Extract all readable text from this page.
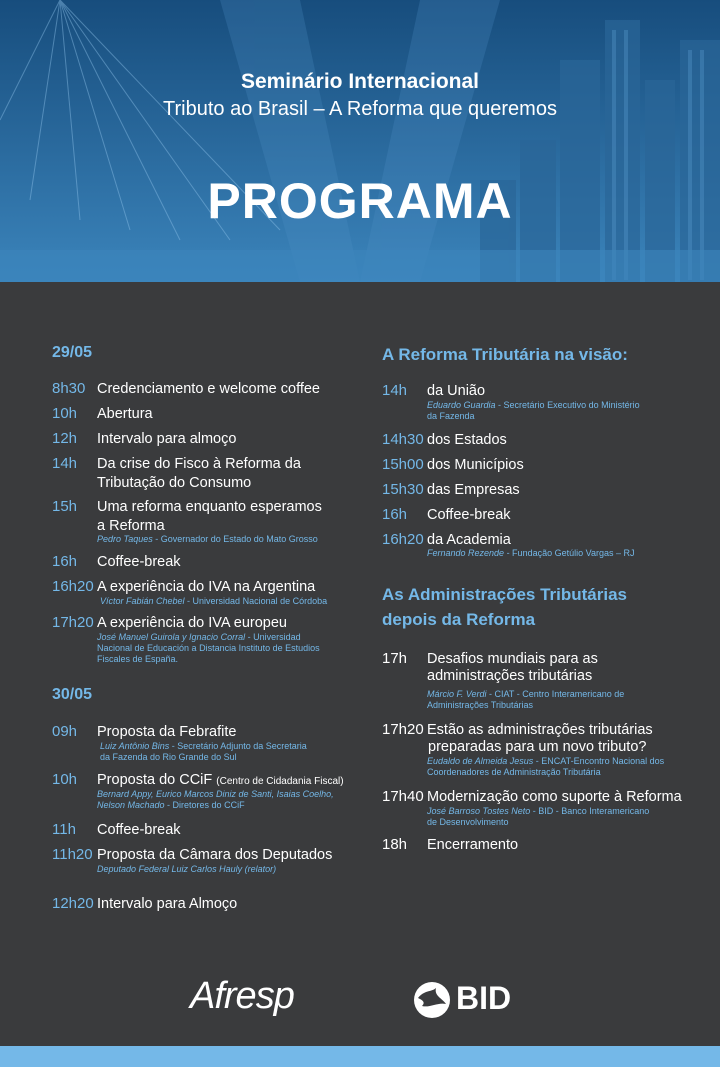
Seminário Internacional
Tributo ao Brasil – A Reforma que queremos
PROGRAMA
29/05
8h30 Credenciamento e welcome coffee
10h Abertura
12h Intervalo para almoço
14h Da crise do Fisco à Reforma da
Tributação do Consumo
15h Uma reforma enquanto esperamos
a Reforma
Pedro Taques - Governador do Estado do Mato Grosso
16h Coffee-break
16h20 A experiência do IVA na Argentina
Víctor Fabián Chebel - Universidad Nacional de Córdoba
17h20 A experiência do IVA europeu
José Manuel Guirola y Ignacio Corral - Universidad
Nacional de Educación a Distancia Instituto de Estudios
Fiscales de España.
30/05
09h Proposta da Febrafite
Luiz Antônio Bins - Secretário Adjunto da Secretaria
da Fazenda do Rio Grande do Sul
10h Proposta do CCiF (Centro de Cidadania Fiscal)
Bernard Appy, Eurico Marcos Diniz de Santi, Isaias Coelho,
Nelson Machado - Diretores do CCiF
11h Coffee-break
11h20 Proposta da Câmara dos Deputados
Deputado Federal Luiz Carlos Hauly (relator)
12h20 Intervalo para Almoço
A Reforma Tributária na visão:
14h da União
Eduardo Guardia - Secretário Executivo do Ministério
da Fazenda
14h30 dos Estados
15h00 dos Municípios
15h30 das Empresas
16h Coffee-break
16h20 da Academia
Fernando Rezende - Fundação Getúlio Vargas – RJ
As Administrações Tributárias
depois da Reforma
17h Desafios mundiais para as
administrações tributárias
Márcio F. Verdi - CIAT - Centro Interamericano de
Administrações Tributárias
17h20 Estão as administrações tributárias
preparadas para um novo tributo?
Eudaldo de Almeida Jesus - ENCAT-Encontro Nacional dos
Coordenadores de Administração Tributária
17h40 Modernização como suporte à Reforma
José Barroso Tostes Neto - BID - Banco Interamericano
de Desenvolvimento
18h Encerramento
Afresp	BID
